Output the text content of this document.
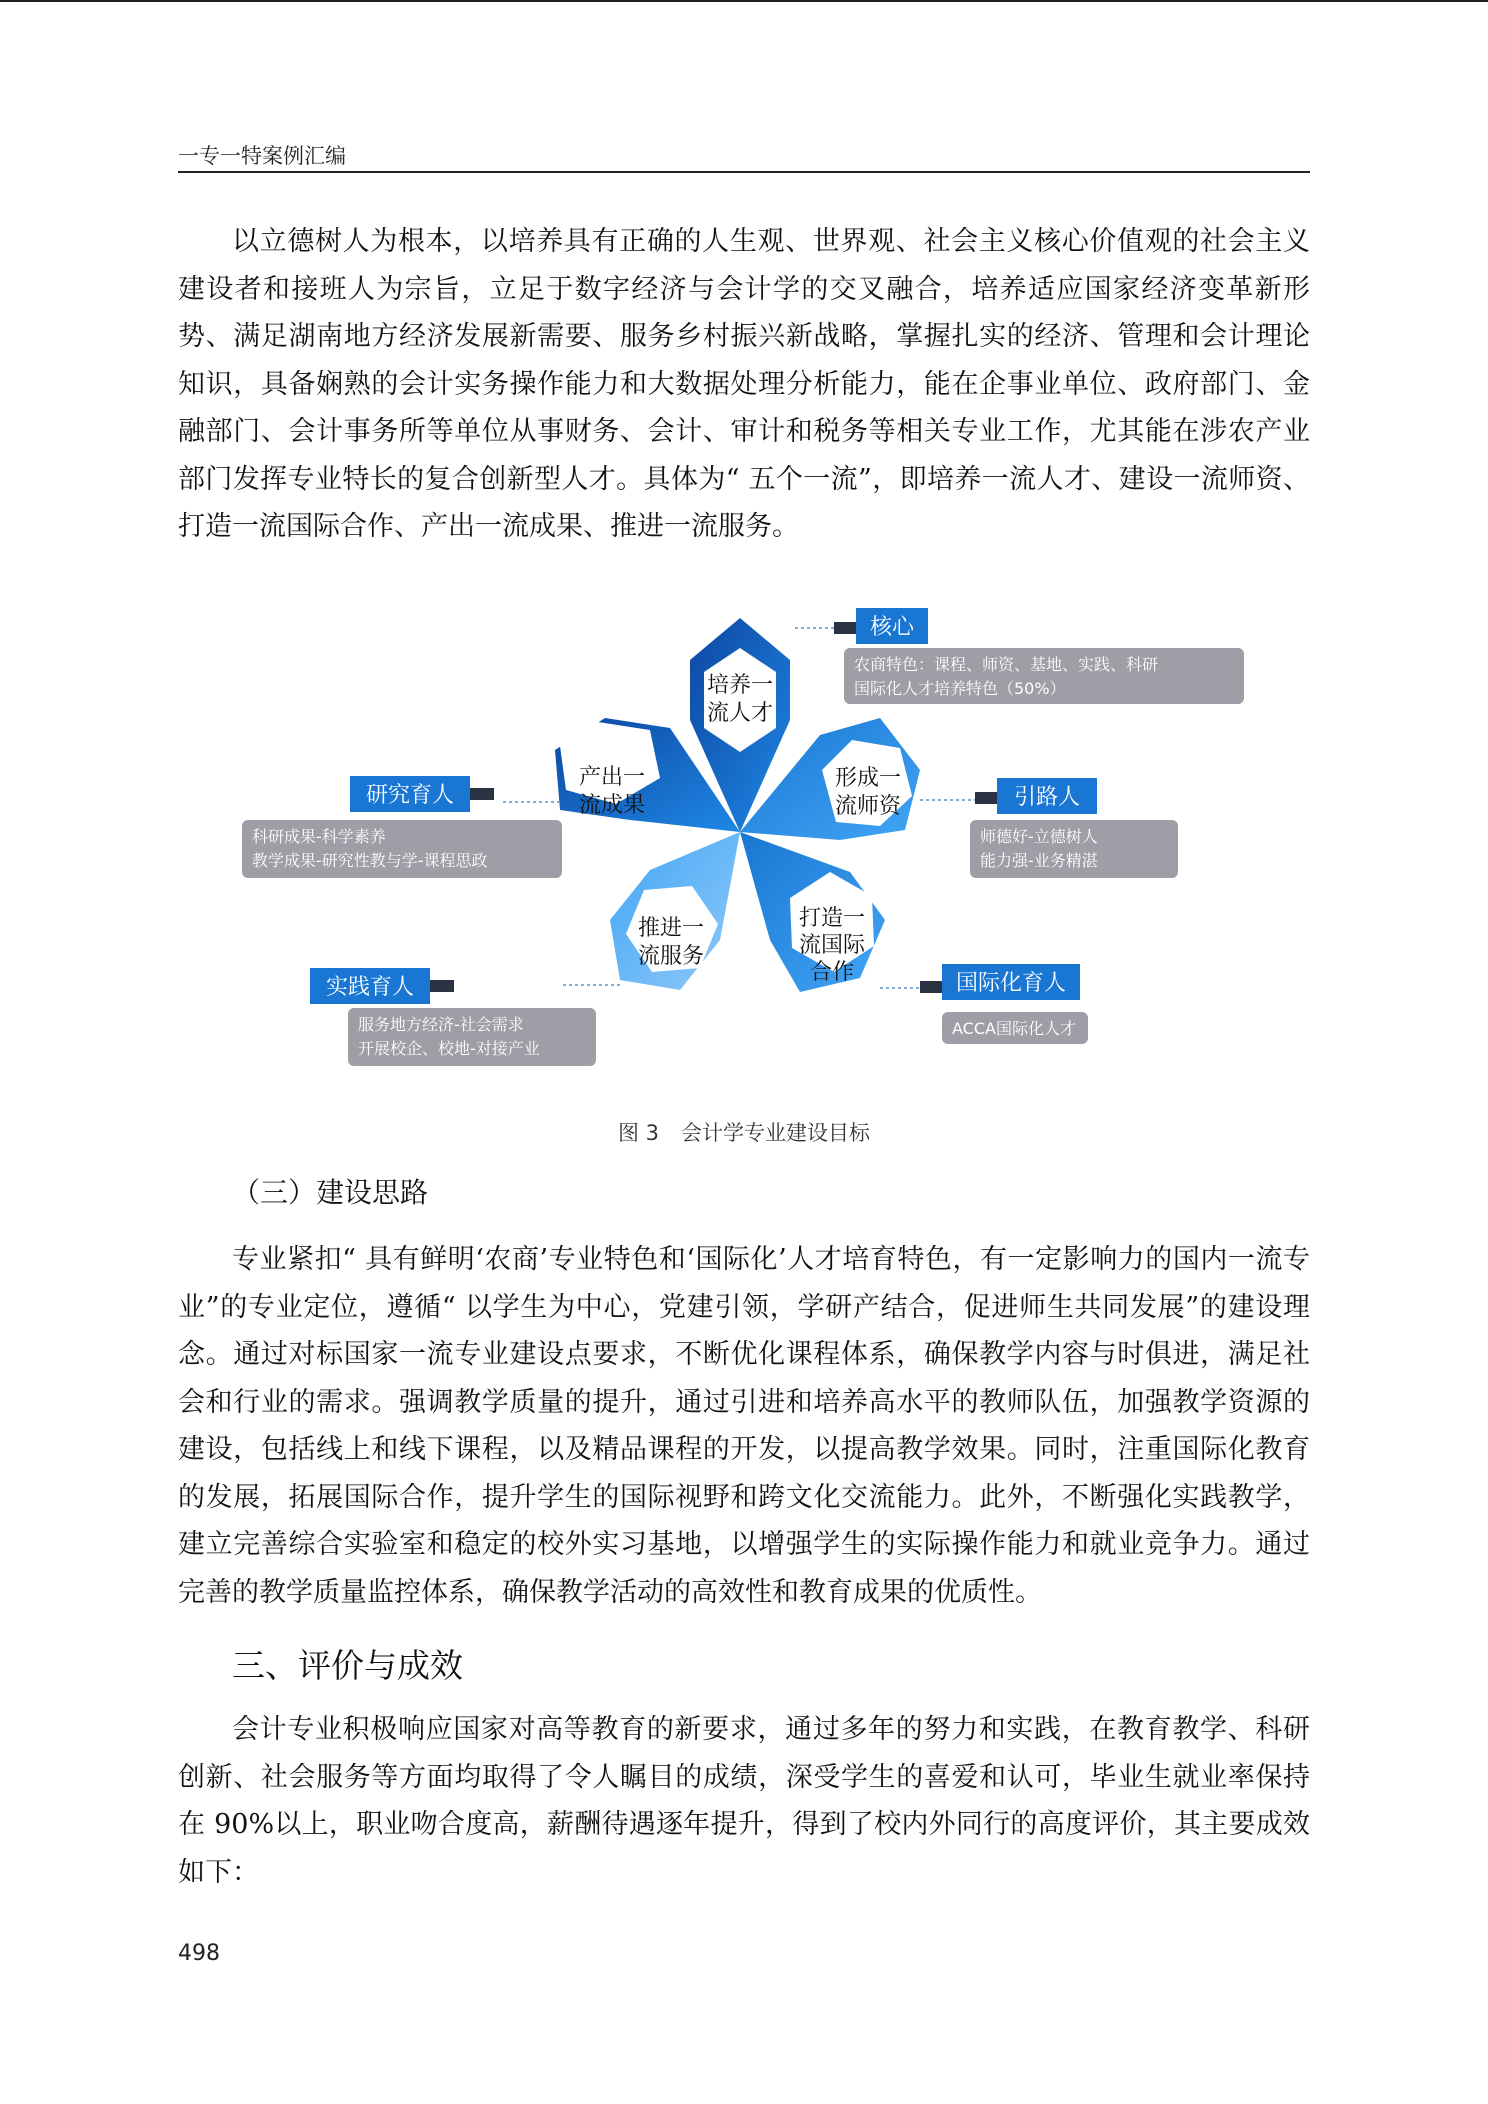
一专一特案例汇编

以立德树人为根本，以培养具有正确的人生观、世界观、社会主义核心价值观的社会主义建设者和接班人为宗旨，立足于数字经济与会计学的交叉融合，培养适应国家经济变革新形势、满足湖南地方经济发展新需要、服务乡村振兴新战略，掌握扎实的经济、管理和会计理论知识，具备娴熟的会计实务操作能力和大数据处理分析能力，能在企事业单位、政府部门、金融部门、会计事务所等单位从事财务、会计、审计和税务等相关专业工作，尤其能在涉农产业部门发挥专业特长的复合创新型人才。具体为“ 五个一流”，即培养一流人才、建设一流师资、打造一流国际合作、产出一流成果、推进一流服务。

培养一
流人才
形成一
流师资
打造一
流国际
合作
推进一
流服务
产出一
流成果
核心
农商特色：课程、师资、基地、实践、科研
国际化人才培养特色（50%）
引路人
师德好-立德树人
能力强-业务精湛
国际化育人
ACCA国际化人才
实践育人
服务地方经济-社会需求
开展校企、校地-对接产业
研究育人
科研成果-科学素养
教学成果-研究性教与学-课程思政
图 3 会计学专业建设目标
（三）建设思路

专业紧扣“ 具有鲜明‘农商’专业特色和‘国际化’人才培育特色，有一定影响力的国内一流专业”的专业定位，遵循“ 以学生为中心，党建引领，学研产结合，促进师生共同发展”的建设理念。通过对标国家一流专业建设点要求，不断优化课程体系，确保教学内容与时俱进，满足社会和行业的需求。强调教学质量的提升，通过引进和培养高水平的教师队伍，加强教学资源的建设，包括线上和线下课程，以及精品课程的开发，以提高教学效果。同时，注重国际化教育的发展，拓展国际合作，提升学生的国际视野和跨文化交流能力。此外，不断强化实践教学，建立完善综合实验室和稳定的校外实习基地，以增强学生的实际操作能力和就业竞争力。通过完善的教学质量监控体系，确保教学活动的高效性和教育成果的优质性。

三、评价与成效

会计专业积极响应国家对高等教育的新要求，通过多年的努力和实践，在教育教学、科研创新、社会服务等方面均取得了令人瞩目的成绩，深受学生的喜爱和认可，毕业生就业率保持在 90%以上，职业吻合度高，薪酬待遇逐年提升，得到了校内外同行的高度评价，其主要成效如下：

498
